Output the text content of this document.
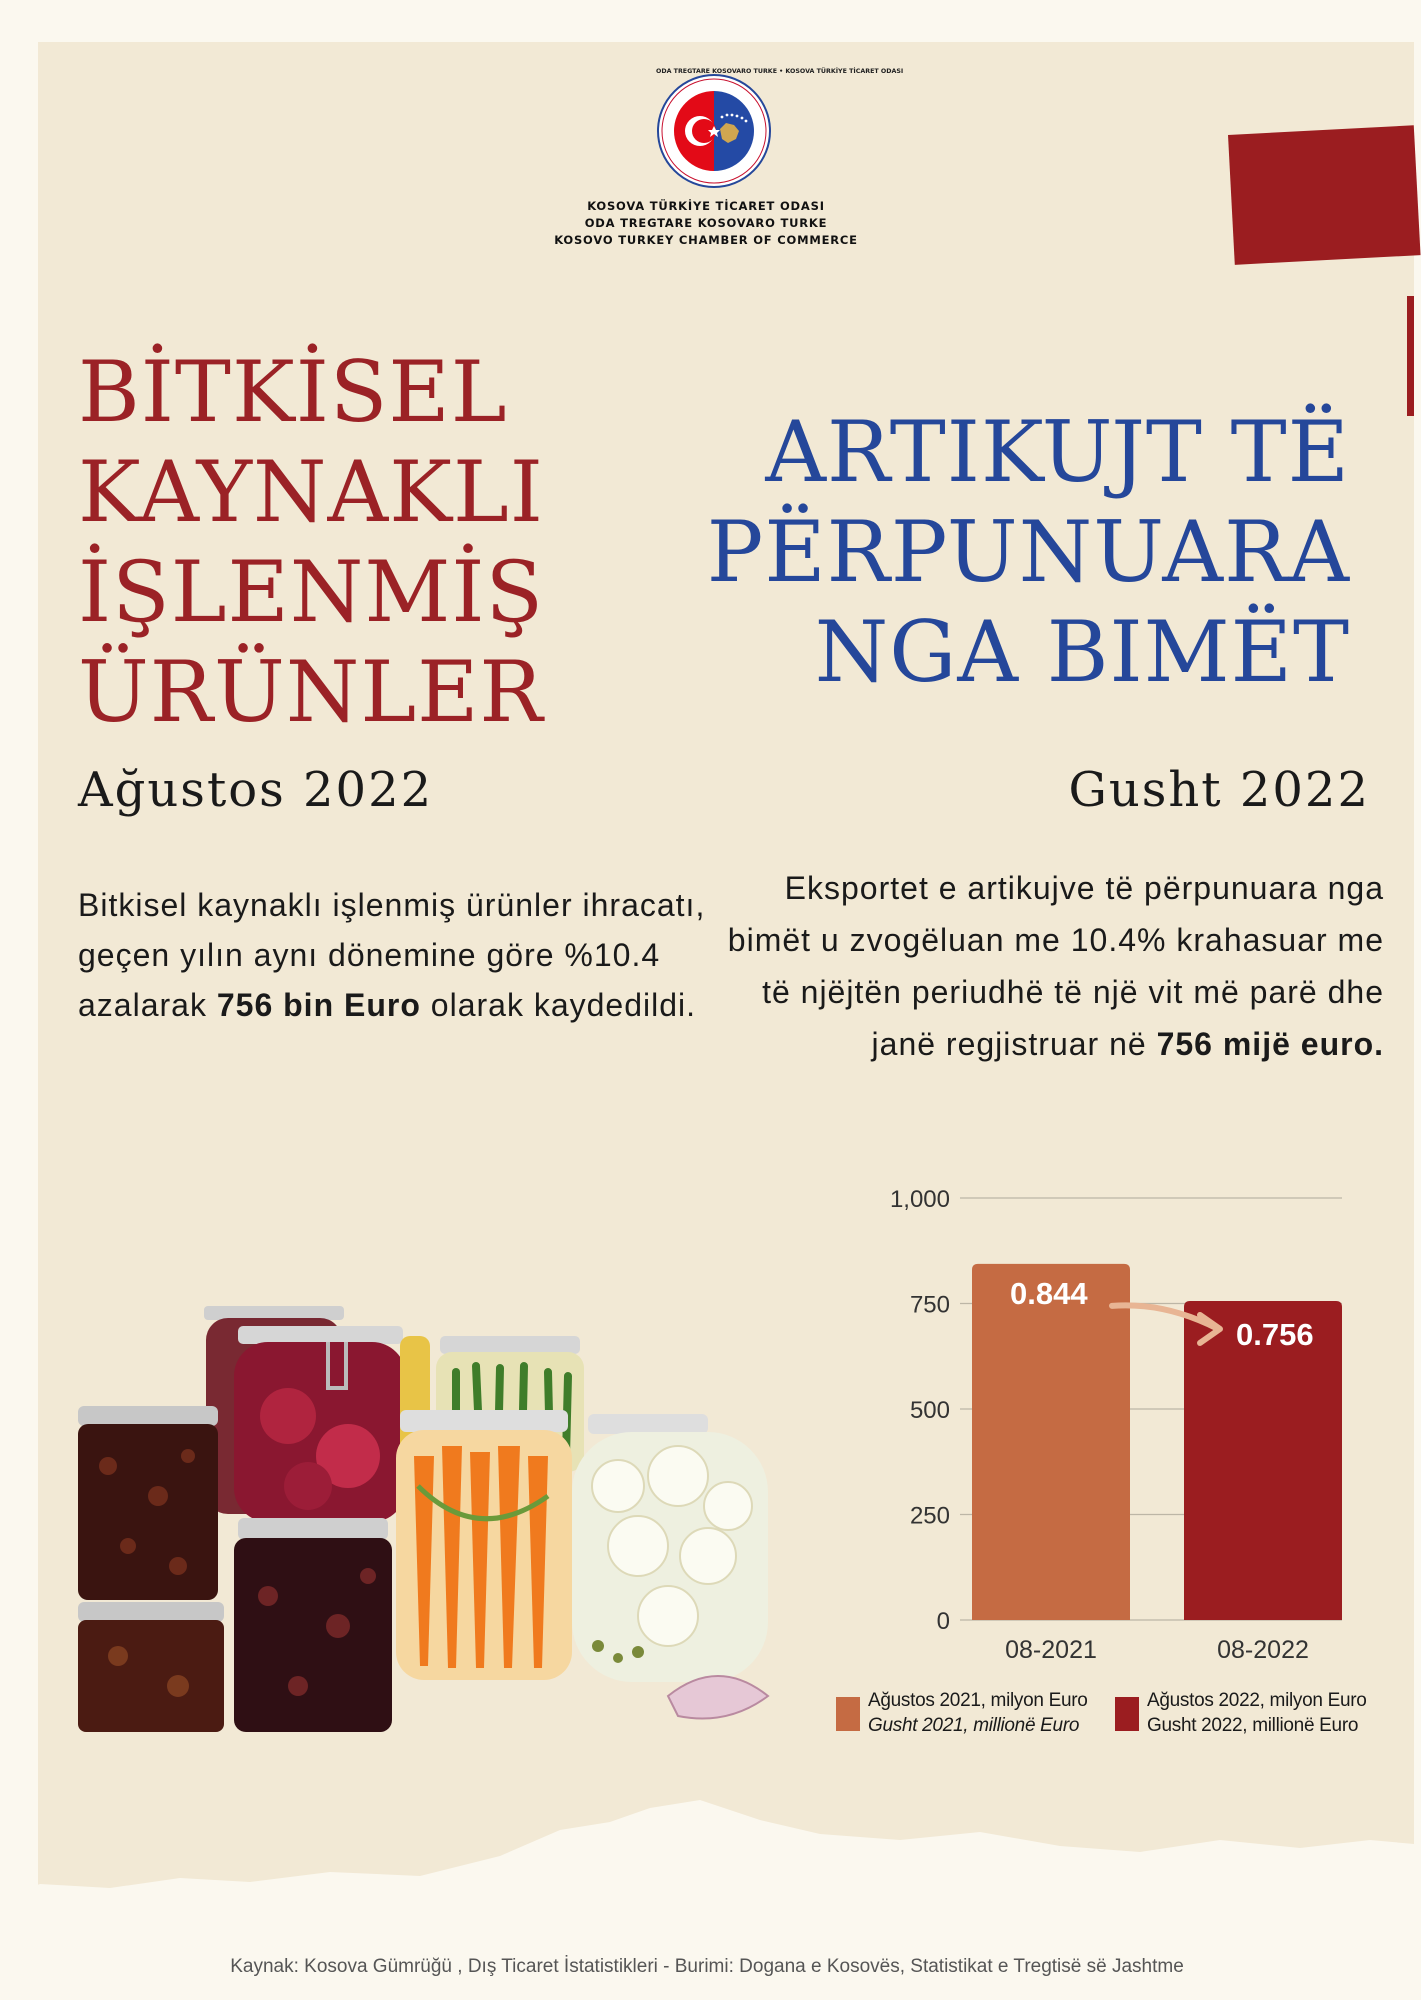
ODA TREGTARE KOSOVARO TURKE • KOSOVA TÜRKİYE TİCARET ODASI
KOSOVA TÜRKİYE TİCARET ODASI
ODA TREGTARE KOSOVARO TURKE
KOSOVO TURKEY CHAMBER OF COMMERCE
BİTKİSEL
KAYNAKLI
İŞLENMİŞ
ÜRÜNLER
ARTIKUJT TË
PËRPUNUARA
NGA BIMËT
Ağustos 2022	Gusht 2022
Bitkisel kaynaklı işlenmiş ürünler ihracatı, geçen yılın aynı dönemine göre %10.4 azalarak 756 bin Euro olarak kaydedildi.
Eksportet e artikujve të përpunuara nga bimët u zvogëluan me 10.4% krahasuar me të njëjtën periudhë të një vit më parë dhe janë regjistruar në 756 mijë euro.
0
250
500
750
1,000
08-2021
0.844
08-2022
0.756
Ağustos 2021, milyon Euro
Gusht 2021, millionë Euro
Ağustos 2022, milyon Euro
Gusht 2022, millionë Euro
Kaynak: Kosova Gümrüğü , Dış Ticaret İstatistikleri - Burimi: Dogana e Kosovës, Statistikat e Tregtisë së Jashtme
